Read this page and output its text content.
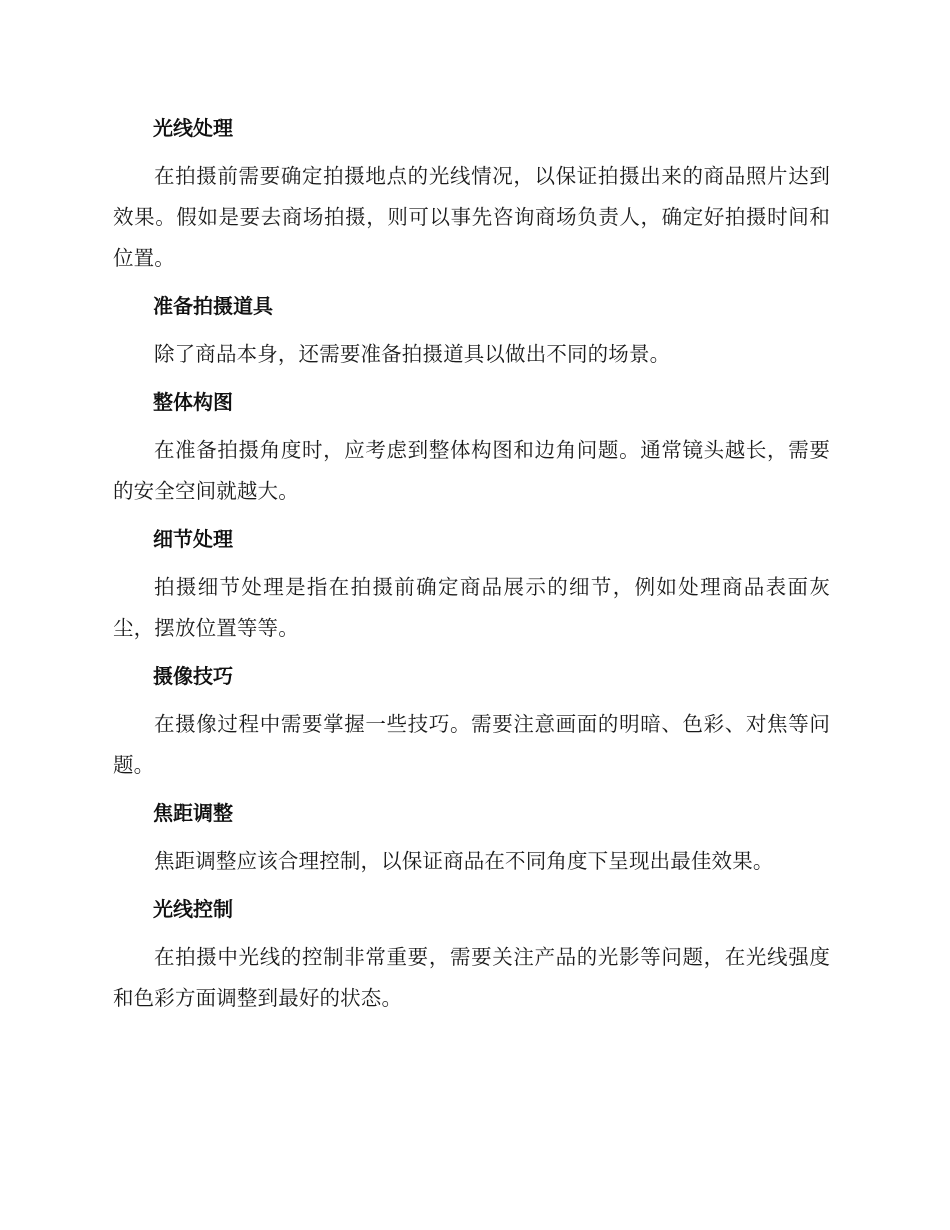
光线处理

在拍摄前需要确定拍摄地点的光线情况，以保证拍摄出来的商品照片达到效果。假如是要去商场拍摄，则可以事先咨询商场负责人，确定好拍摄时间和位置。

准备拍摄道具

除了商品本身，还需要准备拍摄道具以做出不同的场景。

整体构图

在准备拍摄角度时，应考虑到整体构图和边角问题。通常镜头越长，需要的安全空间就越大。

细节处理

拍摄细节处理是指在拍摄前确定商品展示的细节，例如处理商品表面灰尘，摆放位置等等。

摄像技巧

在摄像过程中需要掌握一些技巧。需要注意画面的明暗、色彩、对焦等问题。

焦距调整

焦距调整应该合理控制，以保证商品在不同角度下呈现出最佳效果。

光线控制

在拍摄中光线的控制非常重要，需要关注产品的光影等问题，在光线强度和色彩方面调整到最好的状态。
